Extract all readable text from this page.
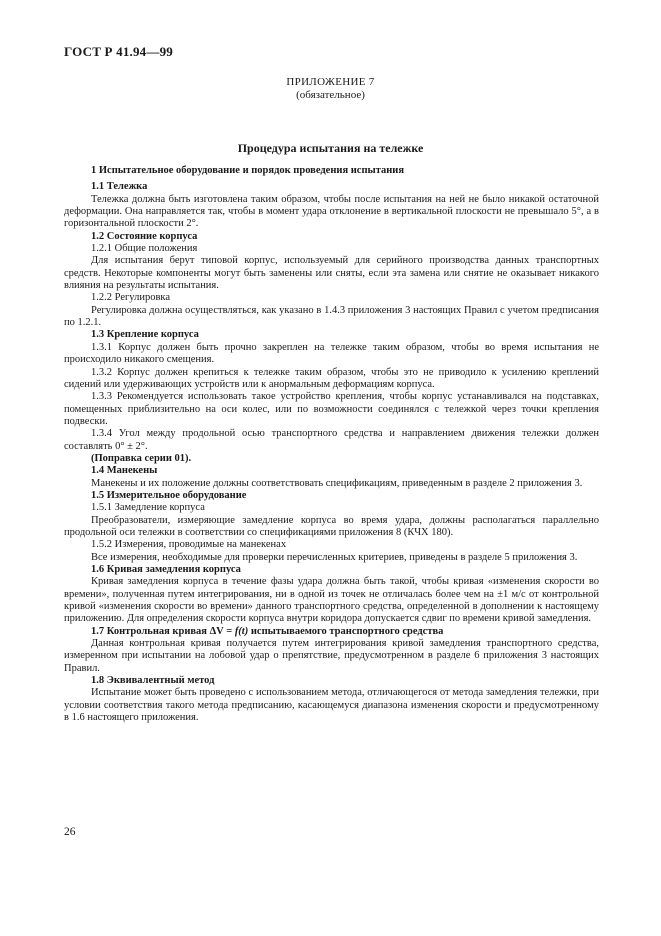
ГОСТ Р 41.94—99
ПРИЛОЖЕНИЕ 7
(обязательное)
Процедура испытания на тележке

1 Испытательное оборудование и порядок проведения испытания

1.1 Тележка

Тележка должна быть изготовлена таким образом, чтобы после испытания на ней не было никакой остаточной деформации. Она направляется так, чтобы в момент удара отклонение в вертикальной плоскости не превышало 5°, а в горизонтальной плоскости 2°.

1.2 Состояние корпуса

1.2.1 Общие положения

Для испытания берут типовой корпус, используемый для серийного производства данных транспортных средств. Некоторые компоненты могут быть заменены или сняты, если эта замена или снятие не оказывает никакого влияния на результаты испытания.

1.2.2 Регулировка

Регулировка должна осуществляться, как указано в 1.4.3 приложения 3 настоящих Правил с учетом предписания по 1.2.1.

1.3 Крепление корпуса

1.3.1 Корпус должен быть прочно закреплен на тележке таким образом, чтобы во время испытания не происходило никакого смещения.

1.3.2 Корпус должен крепиться к тележке таким образом, чтобы это не приводило к усилению креплений сидений или удерживающих устройств или к анормальным деформациям корпуса.

1.3.3 Рекомендуется использовать такое устройство крепления, чтобы корпус устанавливался на подставках, помещенных приблизительно на оси колес, или по возможности соединялся с тележкой через точки крепления подвески.

1.3.4 Угол между продольной осью транспортного средства и направлением движения тележки должен составлять 0° ± 2°.

(Поправка серии 01).

1.4 Манекены

Манекены и их положение должны соответствовать спецификациям, приведенным в разделе 2 приложения 3.

1.5 Измерительное оборудование

1.5.1 Замедление корпуса

Преобразователи, измеряющие замедление корпуса во время удара, должны располагаться параллельно продольной оси тележки в соответствии со спецификациями приложения 8 (КЧХ 180).

1.5.2 Измерения, проводимые на манекенах

Все измерения, необходимые для проверки перечисленных критериев, приведены в разделе 5 приложения 3.

1.6 Кривая замедления корпуса

Кривая замедления корпуса в течение фазы удара должна быть такой, чтобы кривая «изменения скорости во времени», полученная путем интегрирования, ни в одной из точек не отличалась более чем на ±1 м/с от контрольной кривой «изменения скорости во времени» данного транспортного средства, определенной в дополнении к настоящему приложению. Для определения скорости корпуса внутри коридора допускается сдвиг по времени кривой замедления.

1.7 Контрольная кривая ΔV = f(t) испытываемого транспортного средства

Данная контрольная кривая получается путем интегрирования кривой замедления транспортного средства, измеренном при испытании на лобовой удар о препятствие, предусмотренном в разделе 6 приложения 3 настоящих Правил.

1.8 Эквивалентный метод

Испытание может быть проведено с использованием метода, отличающегося от метода замедления тележки, при условии соответствия такого метода предписанию, касающемуся диапазона изменения скорости и предусмотренному в 1.6 настоящего приложения.

26
